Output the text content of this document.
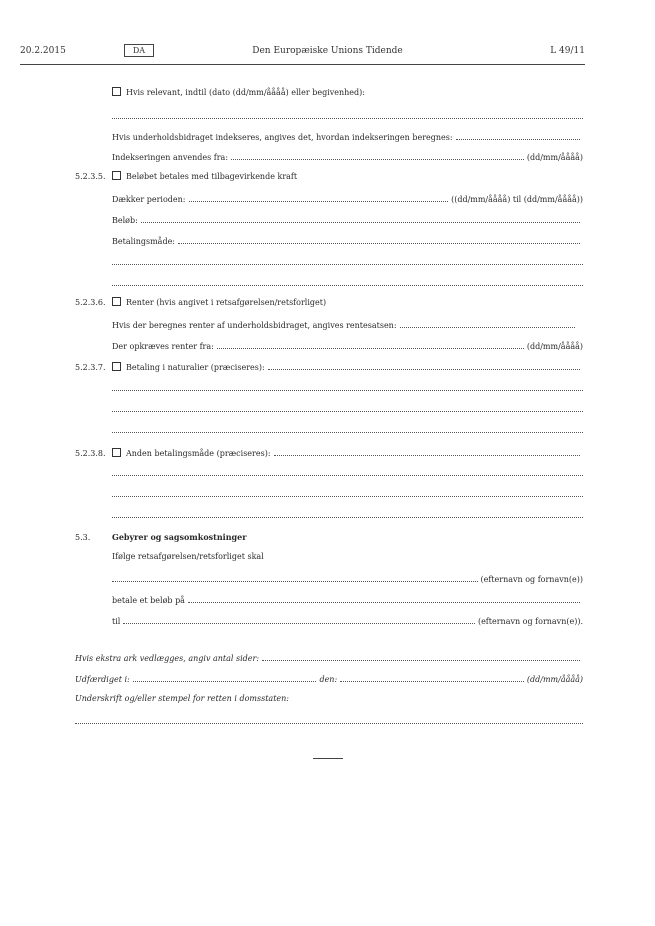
20.2.2015	DA	Den Europæiske Unions Tidende	L 49/11
Hvis relevant, indtil (dato (dd/mm/åååå) eller begivenhed):
Hvis underholdsbidraget indekseres, angives det, hvordan indekseringen beregnes:
Indekseringen anvendes fra:	(dd/mm/åååå)
5.2.3.5.	Beløbet betales med tilbagevirkende kraft
Dækker perioden:	((dd/mm/åååå) til (dd/mm/åååå))
Beløb:
Betalingsmåde:
5.2.3.6.	Renter (hvis angivet i retsafgørelsen/retsforliget)
Hvis der beregnes renter af underholdsbidraget, angives rentesatsen:
Der opkræves renter fra:	(dd/mm/åååå)
5.2.3.7.	Betaling i naturalier (præciseres):
5.2.3.8.	Anden betalingsmåde (præciseres):
5.3.	Gebyrer og sagsomkostninger
Ifølge retsafgørelsen/retsforliget skal
(efternavn og fornavn(e))
betale et beløb på
til	(efternavn og fornavn(e)).
Hvis ekstra ark vedlægges, angiv antal sider:
Udfærdiget i:	den:	(dd/mm/åååå)
Underskrift og/eller stempel for retten i domsstaten:
